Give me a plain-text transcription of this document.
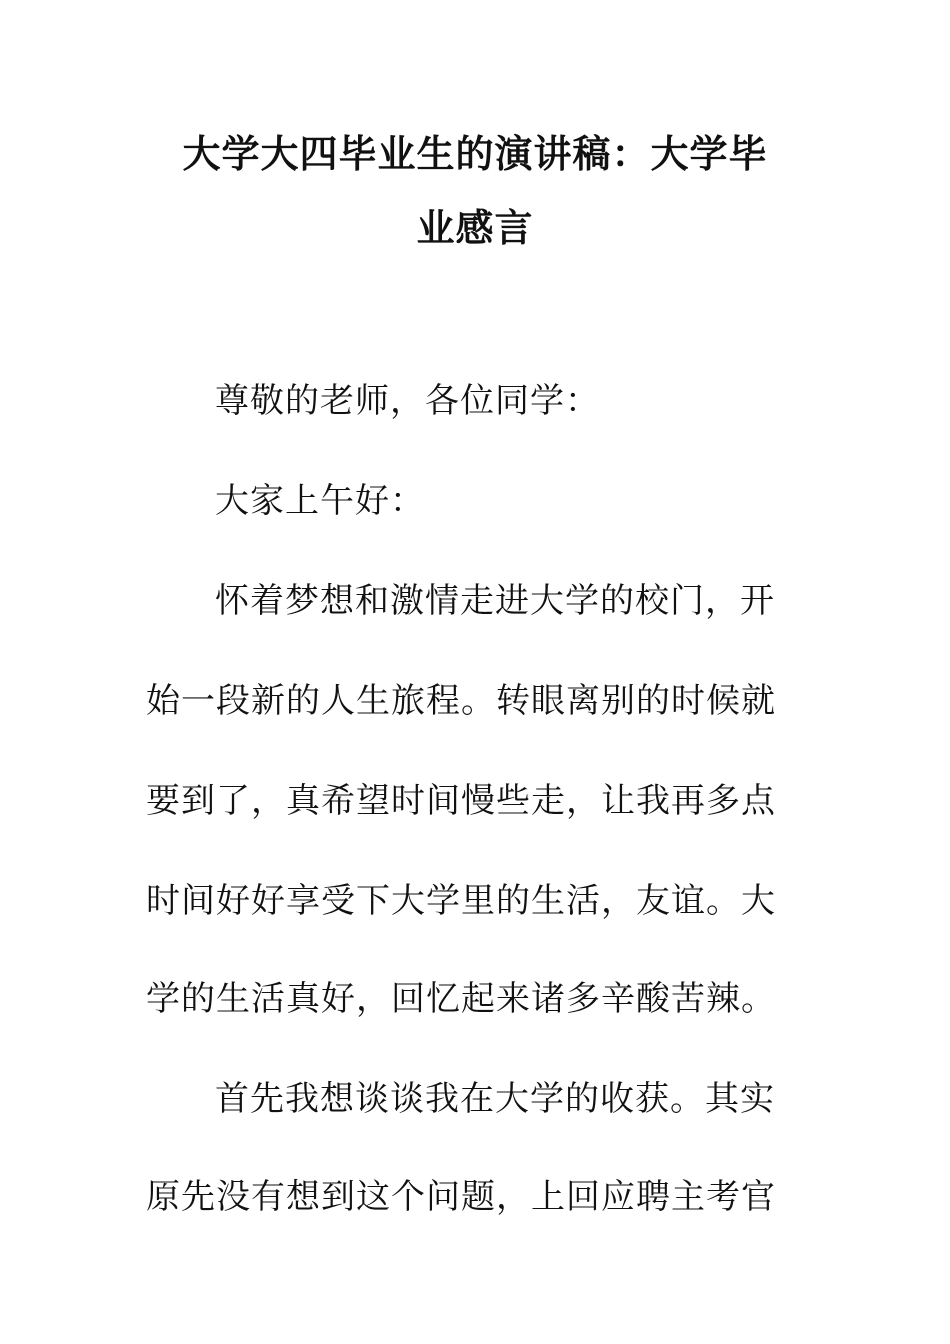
大学大四毕业生的演讲稿：大学毕
业感言
尊敬的老师，各位同学：
大家上午好：
怀着梦想和激情走进大学的校门，开
始一段新的人生旅程。转眼离别的时候就
要到了，真希望时间慢些走，让我再多点
时间好好享受下大学里的生活，友谊。大
学的生活真好，回忆起来诸多辛酸苦辣。
首先我想谈谈我在大学的收获。其实
原先没有想到这个问题，上回应聘主考官
